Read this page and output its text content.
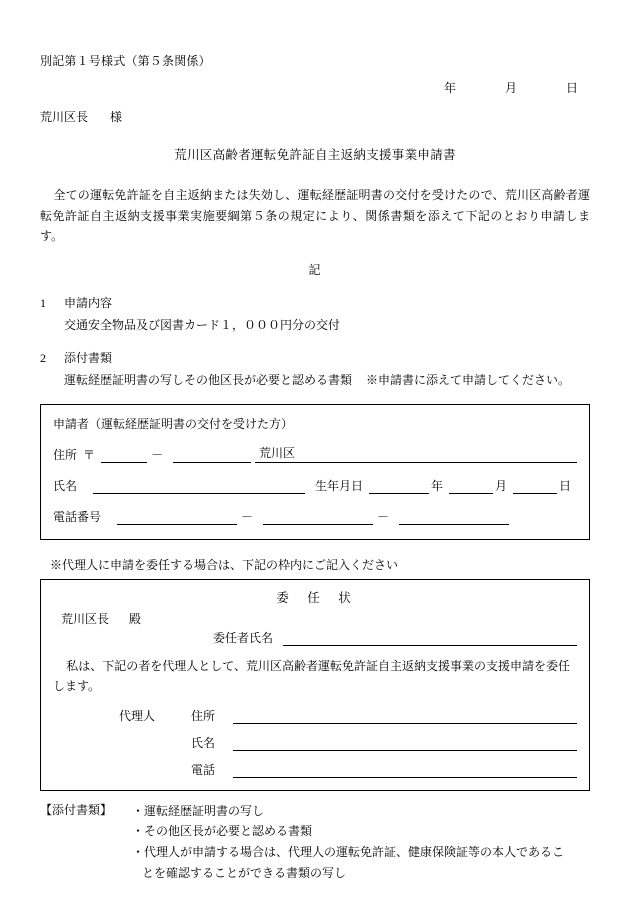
別記第１号様式（第５条関係）
年	月	日
荒川区長 様
荒川区高齢者運転免許証自主返納支援事業申請書
全ての運転免許証を自主返納または失効し、運転経歴証明書の交付を受けたので、荒川区高齢者運転免許証自主返納支援事業実施要綱第５条の規定により、関係書類を添えて下記のとおり申請します。
記
1 申請内容
交通安全物品及び図書カード１，０００円分の交付
2 添付書類
運転経歴証明書の写しその他区長が必要と認める書類 ※申請書に添えて申請してください。
申請者（運転経歴証明書の交付を受けた方）
住所 〒	－	荒川区
氏名	生年月日	年	月	日
電話番号	－	－
※代理人に申請を委任する場合は、下記の枠内にご記入ください
委　任　状
荒川区長 殿
委任者氏名
私は、下記の者を代理人として、荒川区高齢者運転免許証自主返納支援事業の支援申請を委任します。
代理人	住所
氏名
電話
【添付書類】	・運転経歴証明書の写し
・その他区長が必要と認める書類
・代理人が申請する場合は、代理人の運転免許証、健康保険証等の本人であるこ
とを確認することができる書類の写し
